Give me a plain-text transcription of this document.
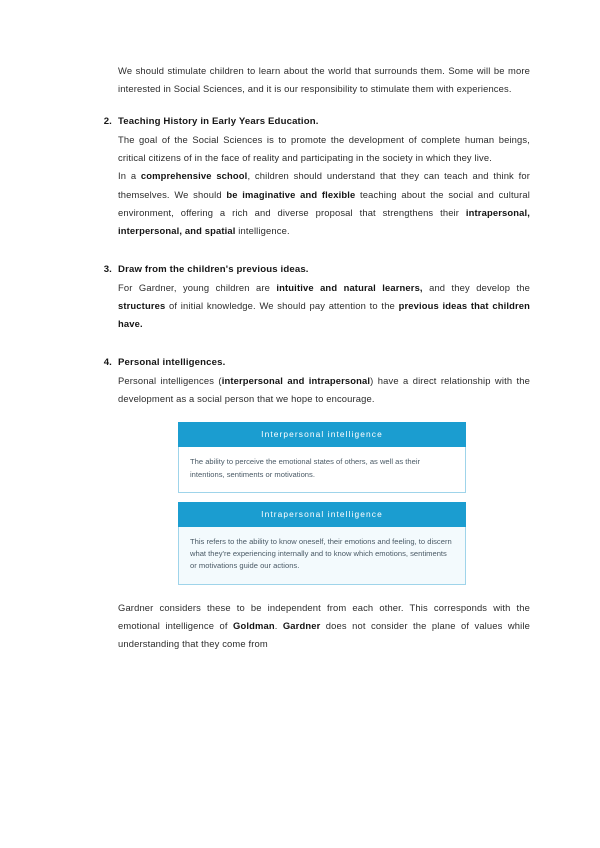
We should stimulate children to learn about the world that surrounds them. Some will be more interested in Social Sciences, and it is our responsibility to stimulate them with experiences.

2. Teaching History in Early Years Education.

The goal of the Social Sciences is to promote the development of complete human beings, critical citizens of in the face of reality and participating in the society in which they live.

In a comprehensive school, children should understand that they can teach and think for themselves. We should be imaginative and flexible teaching about the social and cultural environment, offering a rich and diverse proposal that strengthens their intrapersonal, interpersonal, and spatial intelligence.

3. Draw from the children's previous ideas.

For Gardner, young children are intuitive and natural learners, and they develop the structures of initial knowledge. We should pay attention to the previous ideas that children have.

4. Personal intelligences.

Personal intelligences (interpersonal and intrapersonal) have a direct relationship with the development as a social person that we hope to encourage.

Interpersonal intelligence
The ability to perceive the emotional states of others, as well as their intentions, sentiments or motivations.
Intrapersonal intelligence
This refers to the ability to know oneself, their emotions and feeling, to discern what they're experiencing internally and to know which emotions, sentiments or motivations guide our actions.

Gardner considers these to be independent from each other. This corresponds with the emotional intelligence of Goldman. Gardner does not consider the plane of values while understanding that they come from
